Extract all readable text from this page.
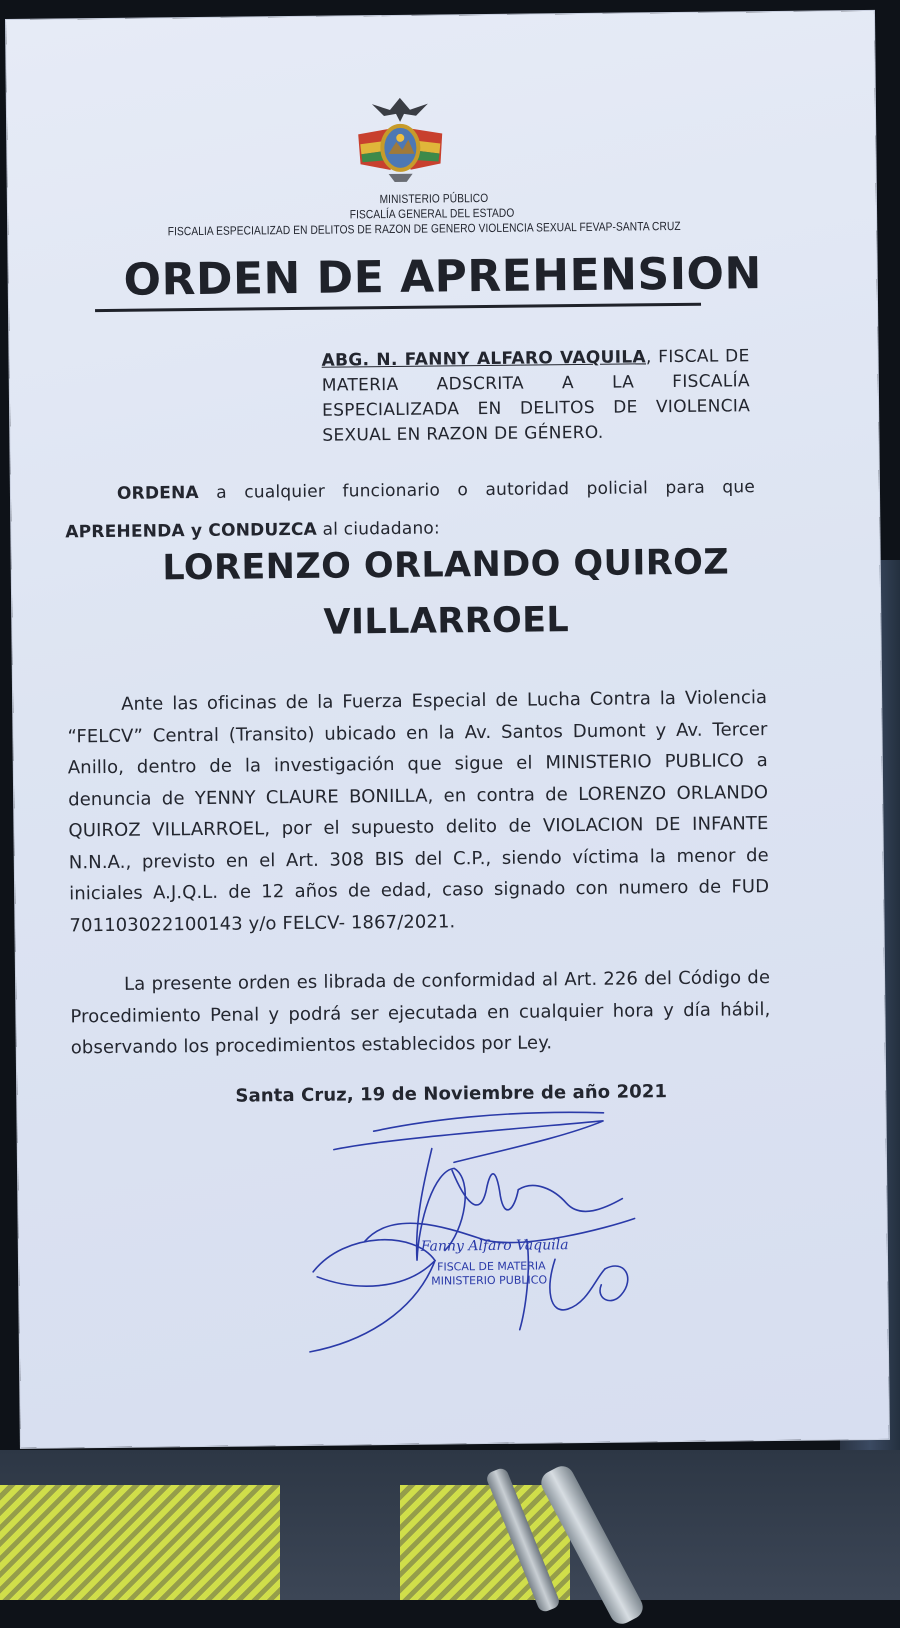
MINISTERIO PÚBLICO
FISCALÍA GENERAL DEL ESTADO
FISCALIA ESPECIALIZAD EN DELITOS DE RAZON DE GENERO VIOLENCIA SEXUAL FEVAP-SANTA CRUZ
ORDEN DE APREHENSION
ABG. N. FANNY ALFARO VAQUILA, FISCAL DE MATERIA ADSCRITA A LA FISCALÍA ESPECIALIZADA EN DELITOS DE VIOLENCIA SEXUAL EN RAZON DE GÉNERO.
ORDENA a cualquier funcionario o autoridad policial para que APREHENDA y CONDUZCA al ciudadano:
LORENZO ORLANDO QUIROZ
VILLARROEL
Ante las oficinas de la Fuerza Especial de Lucha Contra la Violencia “FELCV” Central (Transito) ubicado en la Av. Santos Dumont y Av. Tercer Anillo, dentro de la investigación que sigue el MINISTERIO PUBLICO a denuncia de YENNY CLAURE BONILLA, en contra de LORENZO ORLANDO QUIROZ VILLARROEL, por el supuesto delito de VIOLACION DE INFANTE N.N.A., previsto en el Art. 308 BIS del C.P., siendo víctima la menor de iniciales A.J.Q.L. de 12 años de edad, caso signado con numero de FUD 701103022100143 y/o FELCV- 1867/2021.
La presente orden es librada de conformidad al Art. 226 del Código de Procedimiento Penal y podrá ser ejecutada en cualquier hora y día hábil, observando los procedimientos establecidos por Ley.
Santa Cruz, 19 de Noviembre de año 2021
Fanny Alfaro Vaquila
FISCAL DE MATERIA
MINISTERIO PUBLICO
